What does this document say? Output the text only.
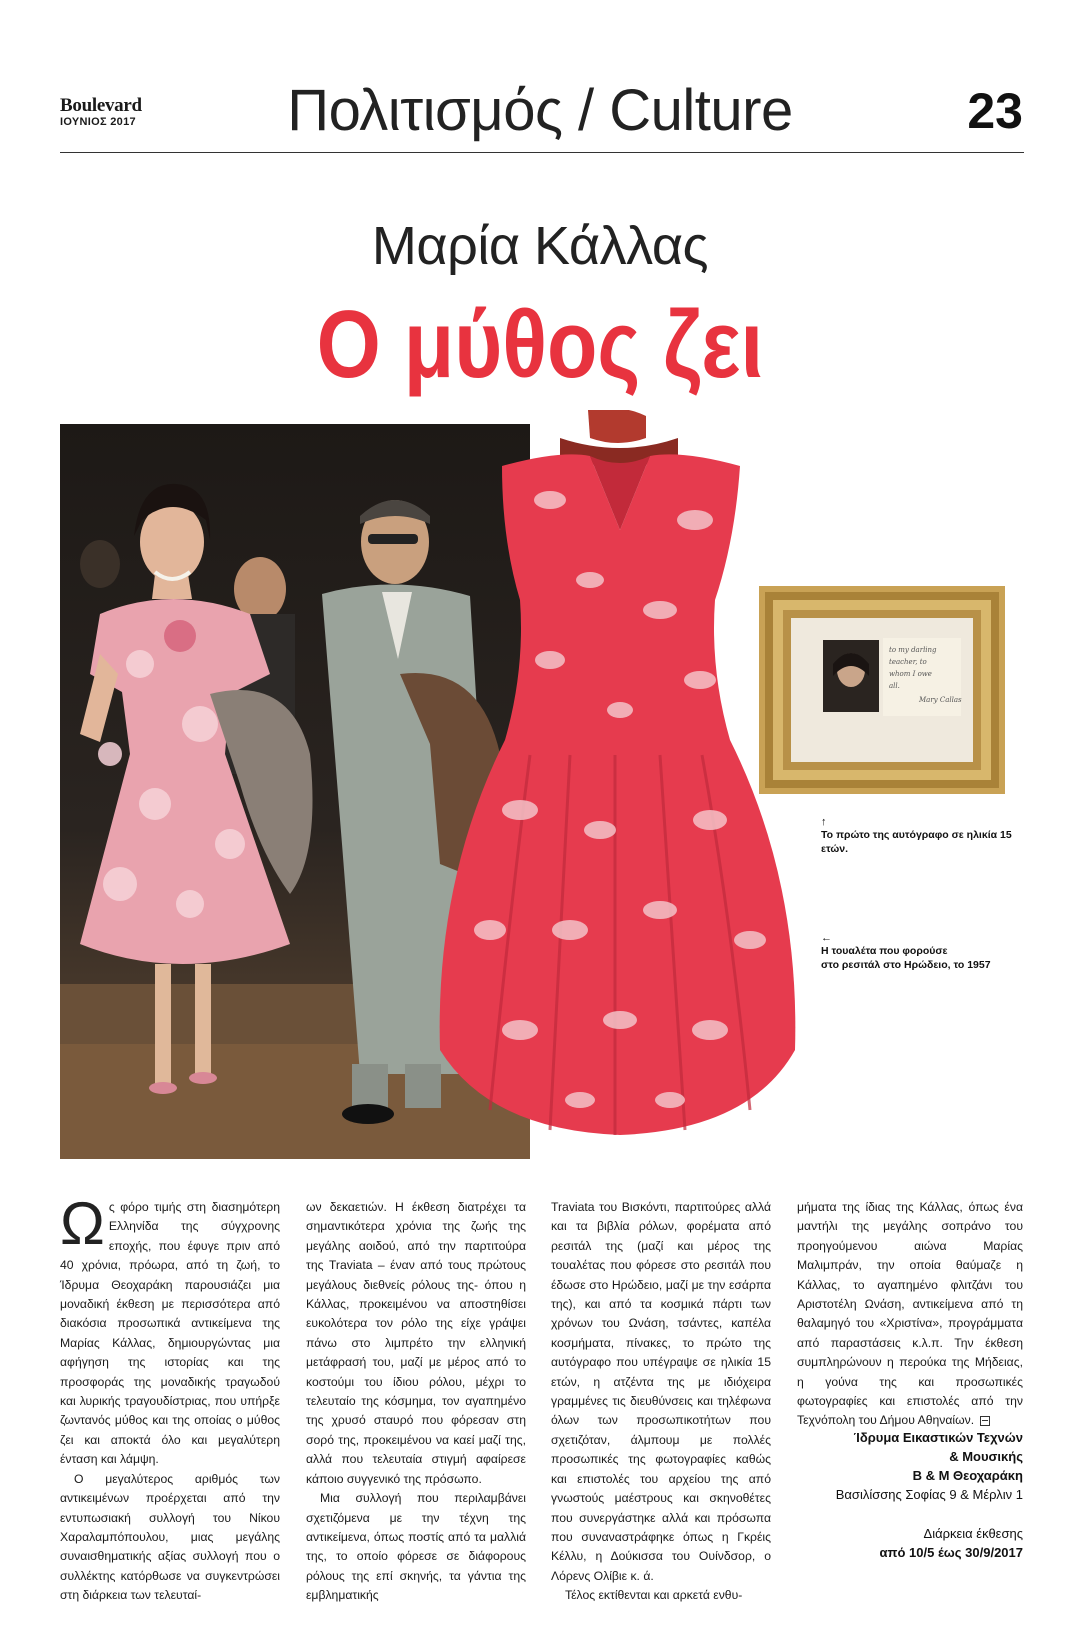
Boulevard
ΙΟΥΝΙΟΣ 2017	Πολιτισμός / Culture	23
Μαρία Κάλλας
Ο μύθος ζει
to my darling
teacher, to
whom I owe
all.
Mary Callas
↑
Το πρώτο της αυτόγραφο σε ηλικία 15 ετών.
←
Η τουαλέτα που φορούσε
στο ρεσιτάλ στο Ηρώδειο, το 1957

Ως φόρο τιμής στη διασημότερη Ελληνίδα της σύγχρονης εποχής, που έφυγε πριν από 40 χρόνια, πρόωρα, από τη ζωή, το Ίδρυμα Θεοχαράκη παρουσιάζει μια μοναδική έκθεση με περισσότερα από διακόσια προσωπικά αντικείμενα της Μαρίας Κάλλας, δημιουργώντας μια αφήγηση της ιστορίας και της προσφοράς της μοναδικής τραγωδού και λυρικής τραγουδίστριας, που υπήρξε ζωντανός μύθος και της οποίας ο μύθος ζει και αποκτά όλο και μεγαλύτερη ένταση και λάμψη.

Ο μεγαλύτερος αριθμός των αντικειμένων προέρχεται από την εντυπωσιακή συλλογή του Νίκου Χαραλαμπόπουλου, μιας μεγάλης συναισθηματικής αξίας συλλογή που ο συλλέκτης κατόρθωσε να συγκεντρώσει στη διάρκεια των τελευταί-

ων δεκαετιών. Η έκθεση διατρέχει τα σημαντικότερα χρόνια της ζωής της μεγάλης αοιδού, από την παρτιτούρα της Traviata – έναν από τους πρώτους μεγάλους διεθνείς ρόλους της- όπου η Κάλλας, προκειμένου να αποστηθίσει ευκολότερα τον ρόλο της είχε γράψει πάνω στο λιμπρέτο την ελληνική μετάφρασή του, μαζί με μέρος από το κοστούμι του ίδιου ρόλου, μέχρι το τελευταίο της κόσμημα, τον αγαπημένο της χρυσό σταυρό που φόρεσαν στη σορό της, προκειμένου να καεί μαζί της, αλλά που τελευταία στιγμή αφαίρεσε κάποιο συγγενικό της πρόσωπο.

Μια συλλογή που περιλαμβάνει σχετιζόμενα με την τέχνη της αντικείμενα, όπως ποστίς από τα μαλλιά της, το οποίο φόρεσε σε διάφορους ρόλους της επί σκηνής, τα γάντια της εμβληματικής

Traviata του Βισκόντι, παρτιτούρες αλλά και τα βιβλία ρόλων, φορέματα από ρεσιτάλ της (μαζί και μέρος της τουαλέτας που φόρεσε στο ρεσιτάλ που έδωσε στο Ηρώδειο, μαζί με την εσάρπα της), και από τα κοσμικά πάρτι των χρόνων του Ωνάση, τσάντες, καπέλα κοσμήματα, πίνακες, το πρώτο της αυτόγραφο που υπέγραψε σε ηλικία 15 ετών, η ατζέντα της με ιδιόχειρα γραμμένες τις διευθύνσεις και τηλέφωνα όλων των προσωπικοτήτων που σχετιζόταν, άλμπουμ με πολλές προσωπικές της φωτογραφίες καθώς και επιστολές του αρχείου της από γνωστούς μαέστρους και σκηνοθέτες που συνεργάστηκε αλλά και πρόσωπα που συναναστράφηκε όπως η Γκρέις Κέλλυ, η Δούκισσα του Ουίνδσορ, ο Λόρενς Ολίβιε κ. ά.

Τέλος εκτίθενται και αρκετά ενθυ-

μήματα της ίδιας της Κάλλας, όπως ένα μαντήλι της μεγάλης σοπράνο του προηγούμενου αιώνα Μαρίας Μαλιμπράν, την οποία θαύμαζε η Κάλλας, το αγαπημένο φλιτζάνι του Αριστοτέλη Ωνάση, αντικείμενα από τη θαλαμηγό του «Χριστίνα», προγράμματα από παραστάσεις κ.λ.π. Την έκθεση συμπληρώνουν η περούκα της Μήδειας, η γούνα της και προσωπικές φωτογραφίες και επιστολές από την Τεχνόπολη του Δήμου Αθηναίων.

Ίδρυμα Εικαστικών Τεχνών
& Μουσικής
Β & Μ Θεοχαράκη
Βασιλίσσης Σοφίας 9 & Μέρλιν 1
Διάρκεια έκθεσης
από 10/5 έως 30/9/2017
